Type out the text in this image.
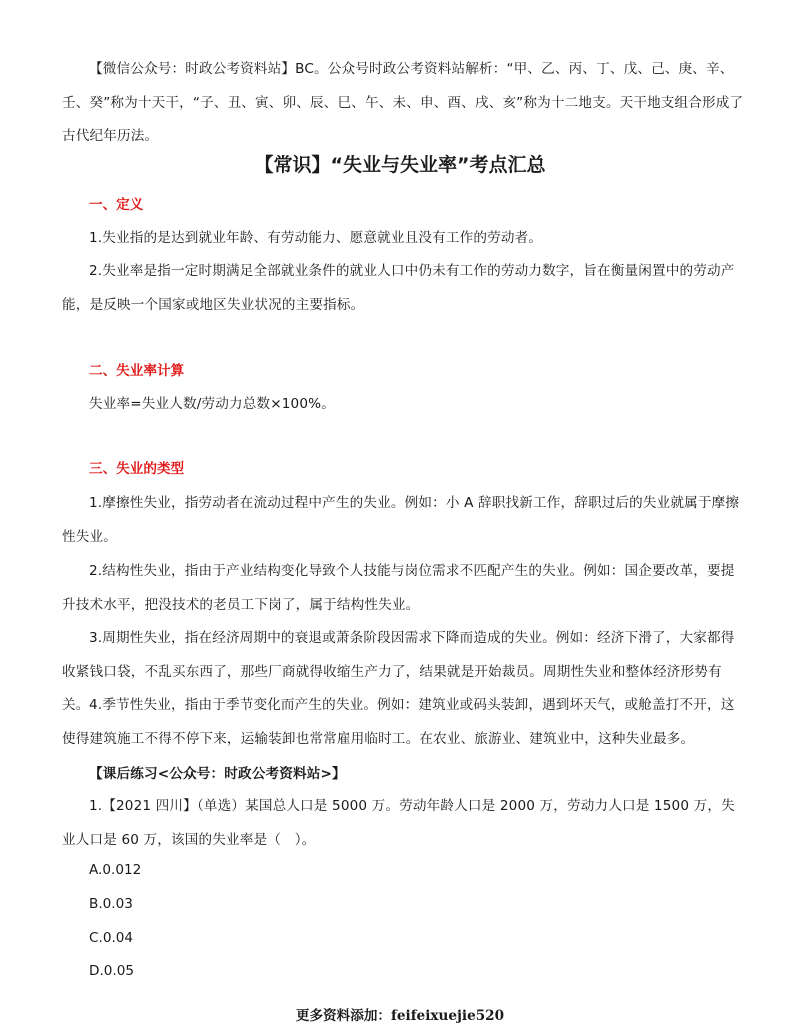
【微信公众号：时政公考资料站】BC。公众号时政公考资料站解析：“甲、乙、丙、丁、戊、己、庚、辛、壬、癸”称为十天干，“子、丑、寅、卯、辰、巳、午、未、申、酉、戌、亥”称为十二地支。天干地支组合形成了古代纪年历法。

【常识】“失业与失业率”考点汇总
一、定义

1.失业指的是达到就业年龄、有劳动能力、愿意就业且没有工作的劳动者。

2.失业率是指一定时期满足全部就业条件的就业人口中仍未有工作的劳动力数字，旨在衡量闲置中的劳动产能，是反映一个国家或地区失业状况的主要指标。

二、失业率计算

失业率=失业人数/劳动力总数×100%。

三、失业的类型

1.摩擦性失业，指劳动者在流动过程中产生的失业。例如：小 A 辞职找新工作，辞职过后的失业就属于摩擦性失业。

2.结构性失业，指由于产业结构变化导致个人技能与岗位需求不匹配产生的失业。例如：国企要改革，要提升技术水平，把没技术的老员工下岗了，属于结构性失业。

3.周期性失业，指在经济周期中的衰退或萧条阶段因需求下降而造成的失业。例如：经济下滑了，大家都得收紧钱口袋，不乱买东西了，那些厂商就得收缩生产力了，结果就是开始裁员。周期性失业和整体经济形势有关。

【课后练习<公众号：时政公考资料站>】

4.季节性失业，指由于季节变化而产生的失业。例如：建筑业或码头装卸，遇到坏天气，或舱盖打不开，这使得建筑施工不得不停下来，运输装卸也常常雇用临时工。在农业、旅游业、建筑业中，这种失业最多。

1.【2021 四川】（单选）某国总人口是 5000 万。劳动年龄人口是 2000 万，劳动力人口是 1500 万，失业人口是 60 万，该国的失业率是（　）。

A.0.012

B.0.03

C.0.04

D.0.05

更多资料添加：feifeixuejie520
